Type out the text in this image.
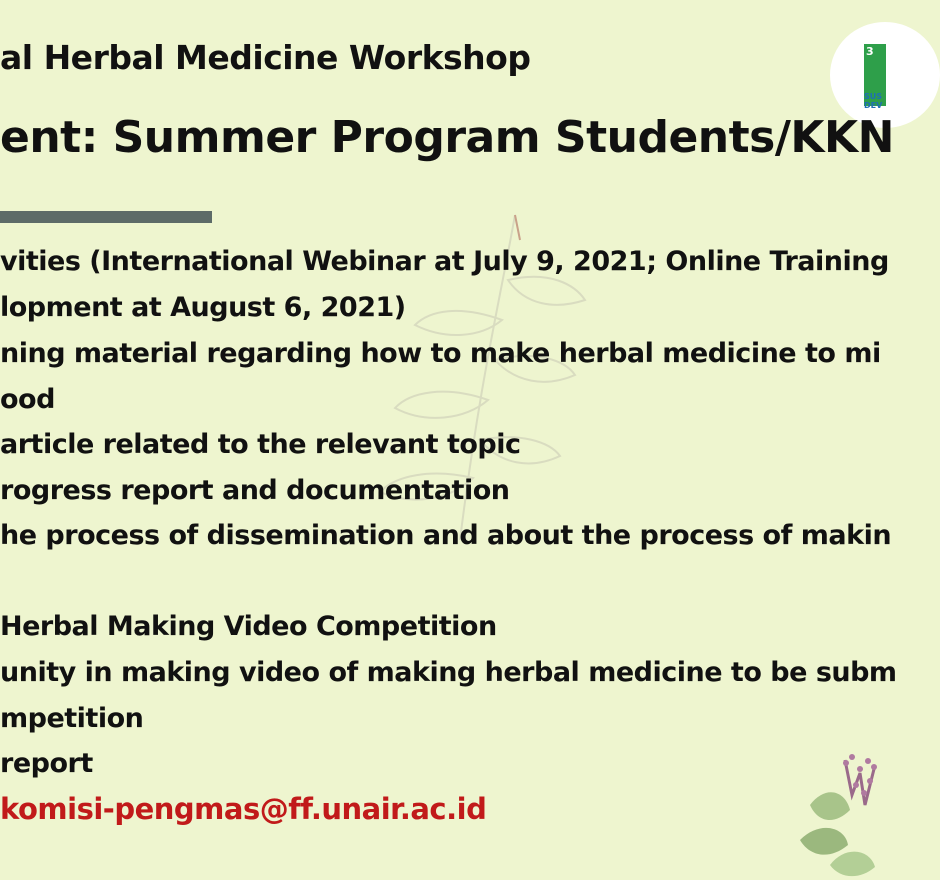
3
SUS
DEV
al Herbal Medicine Workshop
ent: Summer Program Students/KKN
vities (International Webinar at July 9, 2021; Online Training
lopment at August 6, 2021)
ning material regarding how to make herbal medicine to mi
ood
article related to the relevant topic
rogress report and documentation
he process of dissemination and about the process of makin
Herbal Making Video Competition
unity in making video of making herbal medicine to be subm
mpetition
report
komisi-pengmas@ff.unair.ac.id
